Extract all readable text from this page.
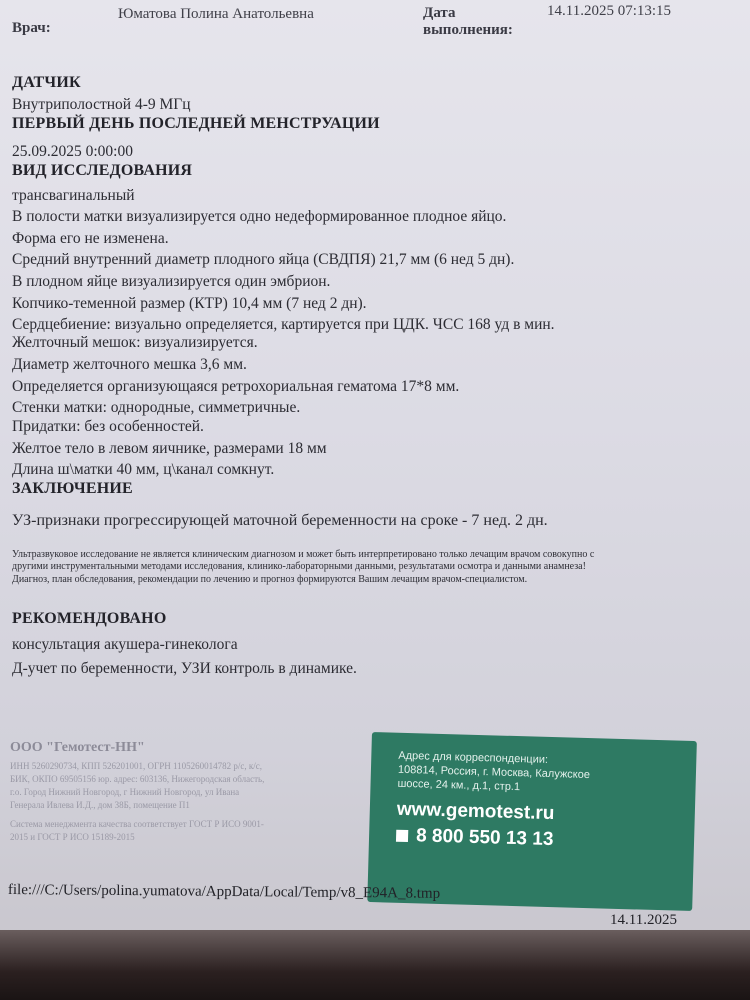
Врач:
Юматова Полина Анатольевна	Дата
выполнения:
14.11.2025 07:13:15
ДАТЧИК
Внутриполостной 4-9 МГц
ПЕРВЫЙ ДЕНЬ ПОСЛЕДНЕЙ МЕНСТРУАЦИИ
25.09.2025 0:00:00
ВИД ИССЛЕДОВАНИЯ
трансвагинальный
В полости матки визуализируется одно недеформированное плодное яйцо.
Форма его не изменена.
Средний внутренний диаметр плодного яйца (СВДПЯ) 21,7 мм (6 нед 5 дн).
В плодном яйце визуализируется один эмбрион.
Копчико-теменной размер (КТР) 10,4 мм (7 нед 2 дн).
Сердцебиение: визуально определяется, картируется при ЦДК. ЧСС 168 уд в мин.
Желточный мешок: визуализируется.
Диаметр желточного мешка 3,6 мм.
Определяется организующаяся ретрохориальная гематома 17*8 мм.
Стенки матки: однородные, симметричные.
Придатки: без особенностей.
Желтое тело в левом яичнике, размерами 18 мм
Длина ш\матки 40 мм, ц\канал сомкнут.
ЗАКЛЮЧЕНИЕ
УЗ-признаки прогрессирующей маточной беременности на сроке - 7 нед. 2 дн.
Ультразвуковое исследование не является клиническим диагнозом и может быть интерпретировано только лечащим врачом совокупно с
другими инструментальными методами исследования, клинико-лабораторными данными, результатами осмотра и данными анамнеза!
Диагноз, план обследования, рекомендации по лечению и прогноз формируются Вашим лечащим врачом-специалистом.
РЕКОМЕНДОВАНО
консультация акушера-гинеколога
Д-учет по беременности, УЗИ контроль в динамике.
ООО "Гемотест-НН"
ИНН 5260290734, КПП 526201001, ОГРН 1105260014782 р/с, к/с,
БИК, ОКПО 69505156 юр. адрес: 603136, Нижегородская область,
г.о. Город Нижний Новгород, г Нижний Новгород, ул Ивана
Генерала Ивлева И.Д., дом 38Б, помещение П1
Система менеджмента качества соответствует ГОСТ Р ИСО 9001-
2015 и ГОСТ Р ИСО 15189-2015
Адрес для корреспонденции:
108814, Россия, г. Москва, Калужское
шоссе, 24 км., д.1, стр.1
www.gemotest.ru
8 800 550 13 13
file:///C:/Users/polina.yumatova/AppData/Local/Temp/v8_E94A_8.tmp
14.11.2025
